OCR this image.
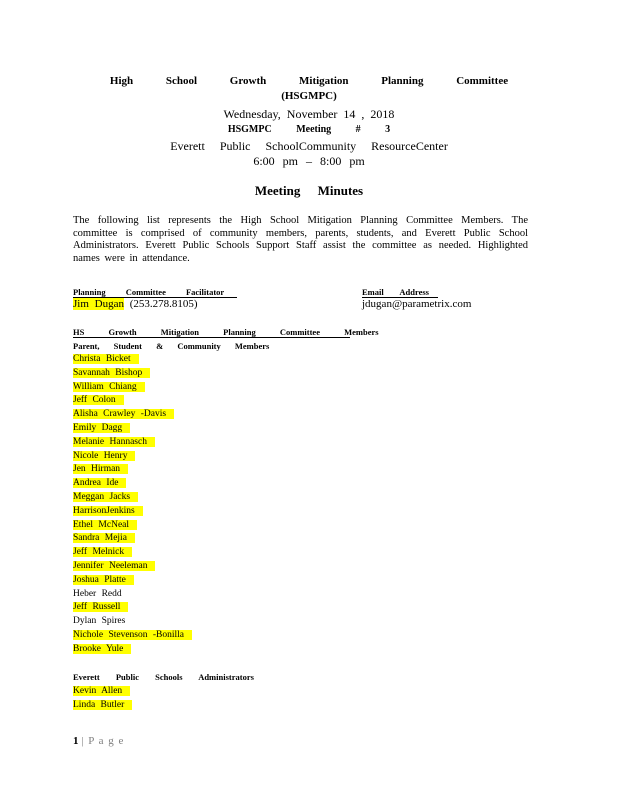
High School Growth Mitigation Planning Committee
(HSGMPC)
Wednesday, November 14 , 2018
HSGMPC Meeting # 3
Everett Public SchoolCommunity ResourceCenter
6:00 pm – 8:00 pm
Meeting Minutes
The following list represents the High School Mitigation Planning Committee Members. The committee is comprised of community members, parents, students, and Everett Public School Administrators. Everett Public Schools Support Staff assist the committee as needed. Highlighted names were in attendance.
Planning Committee Facilitator	Email Address
Jim Dugan (253.278.8105)	jdugan@parametrix.com
HS Growth Mitigation Planning Committee Members
Parent, Student & Community Members
Christa Bicket
Savannah Bishop
William Chiang
Jeff Colon
Alisha Crawley -Davis
Emily Dagg
Melanie Hannasch
Nicole Henry
Jen Hirman
Andrea Ide
Meggan Jacks
HarrisonJenkins
Ethel McNeal
Sandra Mejia
Jeff Melnick
Jennifer Neeleman
Joshua Platte
Heber Redd
Jeff Russell
Dylan Spires
Nichole Stevenson -Bonilla
Brooke Yule
Everett Public Schools Administrators
Kevin Allen
Linda Butler
1 | P a g e
